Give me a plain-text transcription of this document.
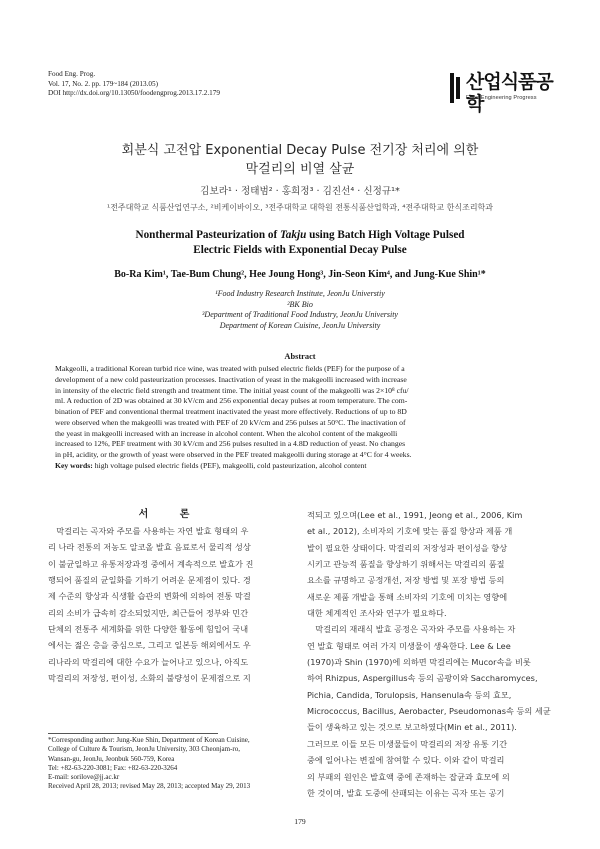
Food Eng. Prog.
Vol. 17, No. 2. pp. 179~184 (2013.05)
DOI http://dx.doi.org/10.13050/foodengprog.2013.17.2.179
산업식품공학
Food Engineering Progress
회분식 고전압 Exponential Decay Pulse 전기장 처리에 의한
막걸리의 비열 살균
김보라¹ · 정태범² · 홍희정³ · 김진선⁴ · 신정규¹*
¹전주대학교 식품산업연구소, ²비케이바이오, ³전주대학교 대학원 전통식품산업학과, ⁴전주대학교 한식조리학과
Nonthermal Pasteurization of Takju using Batch High Voltage Pulsed
Electric Fields with Exponential Decay Pulse
Bo-Ra Kim¹, Tae-Bum Chung², Hee Joung Hong³, Jin-Seon Kim⁴, and Jung-Kue Shin¹*
¹Food Industry Research Institute, JeonJu Universtiy
²BK Bio
³Department of Traditional Food Industry, JeonJu University
Department of Korean Cuisine, JeonJu University
Abstract
Makgeolli, a traditional Korean turbid rice wine, was treated with pulsed electric fields (PEF) for the purpose of a
development of a new cold pasteurization processes. Inactivation of yeast in the makgeolli increased with increase
in intensity of the electric field strength and treatment time. The initial yeast count of the makgeolli was 2×10⁸ cfu/
ml. A reduction of 2D was obtained at 30 kV/cm and 256 exponential decay pulses at room temperature. The com-
bination of PEF and conventional thermal treatment inactivated the yeast more effectively. Reductions of up to 8D
were observed when the makgeolli was treated with PEF of 20 kV/cm and 256 pulses at 50°C. The inactivation of
the yeast in makgeolli increased with an increase in alcohol content. When the alcohol content of the makgeolli
increased to 12%, PEF treatment with 30 kV/cm and 256 pulses resulted in a 4.8D reduction of yeast. No changes
in pH, acidity, or the growth of yeast were observed in the PEF treated makgeolli during storage at 4°C for 4 weeks.
Key words: high voltage pulsed electric fields (PEF), makgeolli, cold pasteurization, alcohol content
서 론
막걸리는 곡자와 주모를 사용하는 자연 발효 형태의 우
리 나라 전통의 저농도 알코올 발효 음료로서 물리적 성상
이 불균일하고 유통저장과정 중에서 계속적으로 발효가 진
행되어 품질의 균일화를 기하기 어려운 문제점이 있다. 경
제 수준의 향상과 식생활 습관의 변화에 의하여 전통 막걸
리의 소비가 급속히 감소되었지만, 최근들어 정부와 민간
단체의 전통주 세계화를 위한 다양한 활동에 힘입어 국내
에서는 젊은 층을 중심으로, 그리고 일본등 해외에서도 우
리나라의 막걸리에 대한 수요가 늘어나고 있으나, 아직도
막걸리의 저장성, 편이성, 소화의 불량성이 문제점으로 지
적되고 있으며(Lee et al., 1991, Jeong et al., 2006, Kim
et al., 2012), 소비자의 기호에 맞는 품질 향상과 제품 개
발이 필요한 상태이다. 막걸리의 저장성과 편이성을 향상
시키고 관능적 품질을 향상하기 위해서는 막걸리의 품질
요소를 규명하고 공정개선, 저장 방법 및 포장 방법 등의
새로운 제품 개발을 통해 소비자의 기호에 미치는 영향에
대한 체계적인 조사와 연구가 필요하다.
막걸리의 재래식 발효 공정은 곡자와 주모를 사용하는 자
연 발효 형태로 여러 가지 미생물이 생육한다. Lee & Lee
(1970)과 Shin (1970)에 의하면 막걸리에는 Mucor속을 비롯
하여 Rhizpus, Aspergillus속 등의 곰팡이와 Saccharomyces,
Pichia, Candida, Torulopsis, Hansenula속 등의 효모,
Micrococcus, Bacillus, Aerobacter, Pseudomonas속 등의 세균
들이 생육하고 있는 것으로 보고하였다(Min et al., 2011).
그러므로 이들 모든 미생물들이 막걸리의 저장 유통 기간
중에 일어나는 변질에 참여할 수 있다. 이와 같이 막걸리
의 부패의 원인은 발효액 중에 존재하는 잡균과 효모에 의
한 것이며, 발효 도중에 산패되는 이유는 곡자 또는 공기
*Corresponding author: Jung-Kue Shin, Department of Korean Cuisine,
College of Culture & Tourism, JeonJu University, 303 Cheonjam-ro,
Wansan-gu, JeonJu, Jeonbuk 560-759, Korea
Tel: +82-63-220-3081; Fax: +82-63-220-3264
E-mail: sorilove@jj.ac.kr
Received April 28, 2013; revised May 28, 2013; accepted May 29, 2013
179
